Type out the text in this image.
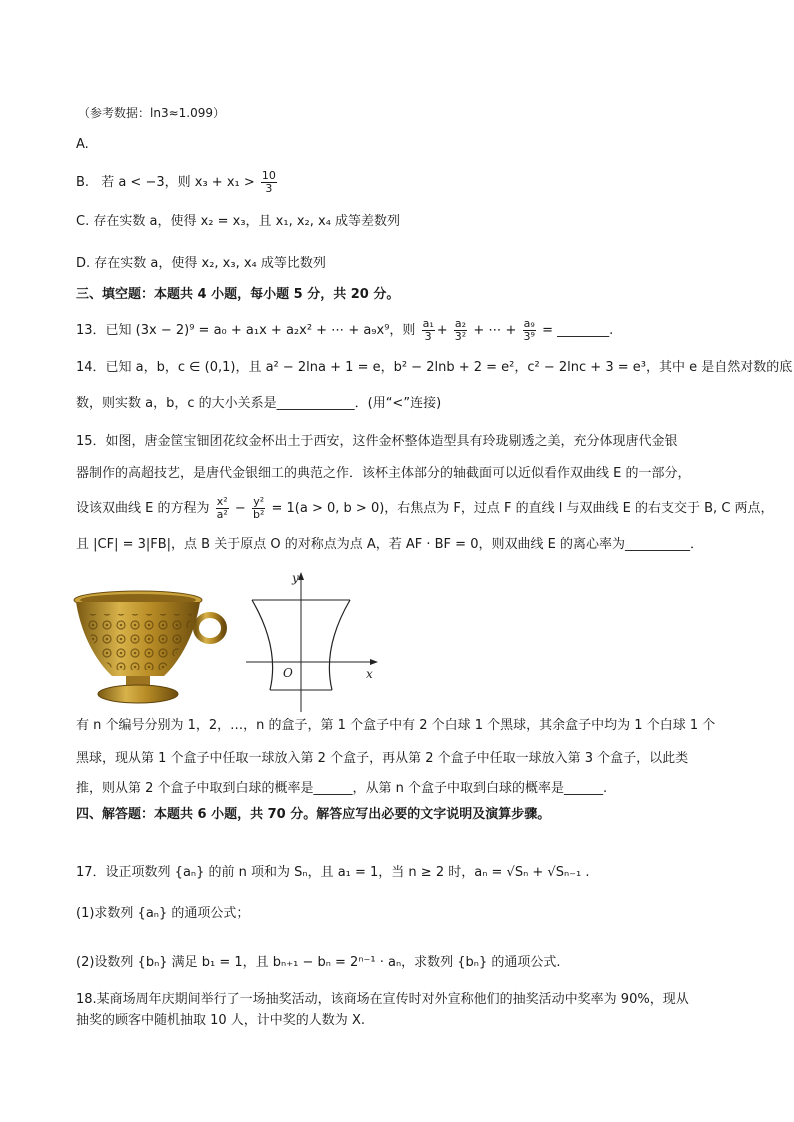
（参考数据：ln3≈1.099）
A.
B. 若 a < −3，则 $x_3 + x_1 > \frac{10}{3}$
C. 存在实数 a，使得 x₂ = x₃，且 x₁, x₂, x₄ 成等差数列
D. 存在实数 a，使得 x₂, x₃, x₄ 成等比数列
三、填空题：本题共 4 小题，每小题 5 分，共 20 分。
13．已知 (3x − 2)⁹ = a₀ + a₁x + a₂x² + ⋯ + a₉x⁹，则 $\frac{\text{a₁}}{3} + \frac{\text{a₂}}{\text{3²}}$ + ⋯ + $\frac{\text{a₉}}{\text{3⁹}}$ = ________.
14．已知 a，b，c ∈ (0,1)，且 a² − 2lna + 1 = e，b² − 2lnb + 2 = e²，c² − 2lnc + 3 = e³，其中 e 是自然对数的底
数，则实数 a，b，c 的大小关系是____________．(用“<”连接)
15．如图，唐金筐宝钿团花纹金杯出土于西安，这件金杯整体造型具有玲珑剔透之美，充分体现唐代金银
器制作的高超技艺，是唐代金银细工的典范之作．该杯主体部分的轴截面可以近似看作双曲线 E 的一部分，
设该双曲线 E 的方程为 $\frac{\text{x²}}{\text{a²}} - \frac{\text{y²}}{\text{b²}} = 1(a > 0$, b > 0)，右焦点为 F，过点 F 的直线 l 与双曲线 E 的右支交于 B, C 两点，
且 |CF| = 3|FB|，点 B 关于原点 O 的对称点为点 A，若 AF · BF = 0，则双曲线 E 的离心率为__________．
y
x
O
有 n 个编号分别为 1，2，…，n 的盒子，第 1 个盒子中有 2 个白球 1 个黑球，其余盒子中均为 1 个白球 1 个
黑球，现从第 1 个盒子中任取一球放入第 2 个盒子，再从第 2 个盒子中任取一球放入第 3 个盒子，以此类
推，则从第 2 个盒子中取到白球的概率是______，从第 n 个盒子中取到白球的概率是______.
四、解答题：本题共 6 小题，共 70 分。解答应写出必要的文字说明及演算步骤。
17．设正项数列 {aₙ} 的前 n 项和为 Sₙ，且 a₁ = 1，当 n ≥ 2 时，aₙ = √Sₙ + √Sₙ₋₁ .
(1)求数列 {aₙ} 的通项公式；
(2)设数列 {bₙ} 满足 b₁ = 1，且 bₙ₊₁ − bₙ = 2ⁿ⁻¹ · aₙ，求数列 {bₙ} 的通项公式.
18.某商场周年庆期间举行了一场抽奖活动，该商场在宣传时对外宣称他们的抽奖活动中奖率为 90%，现从
抽奖的顾客中随机抽取 10 人，计中奖的人数为 X.
